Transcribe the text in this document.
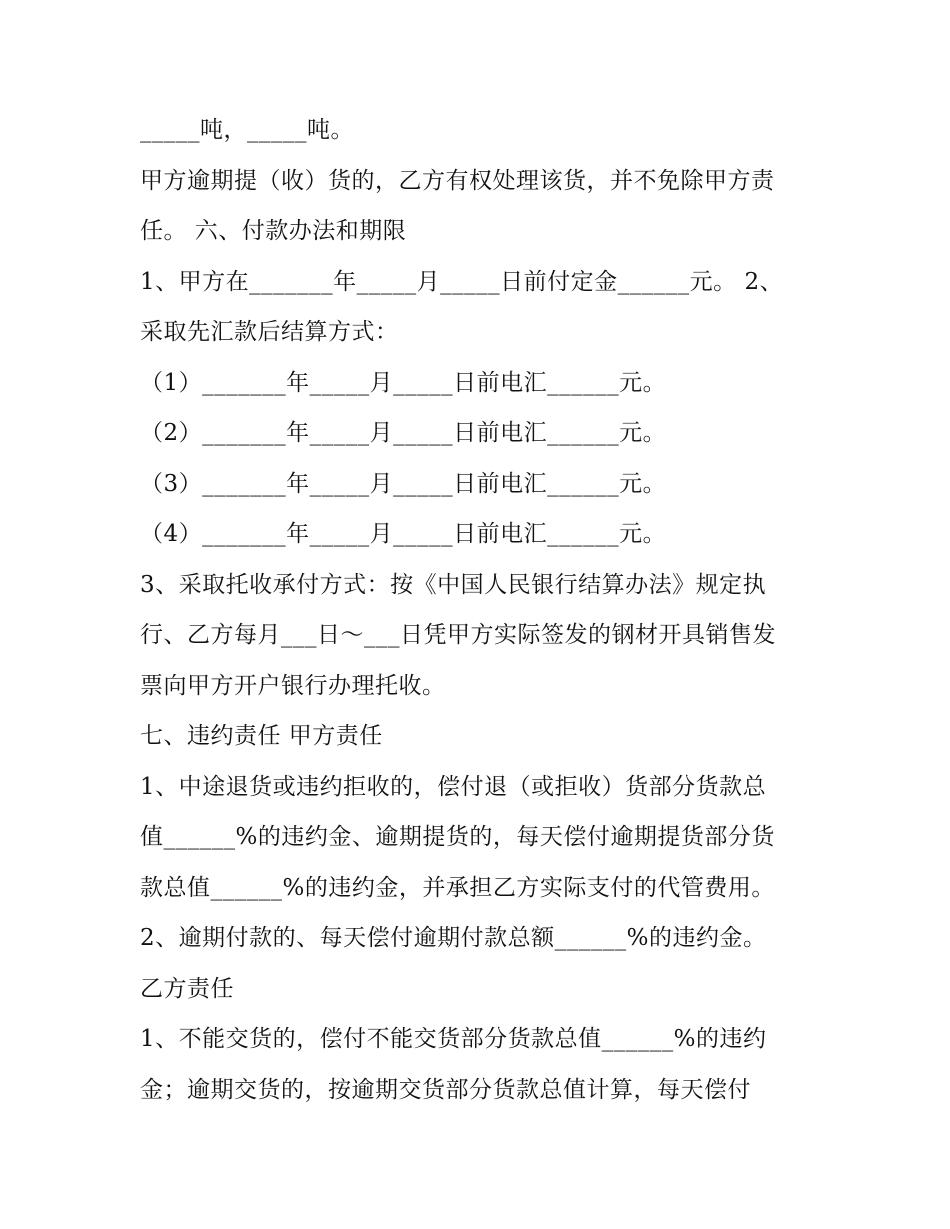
_____吨，_____吨。
甲方逾期提（收）货的，乙方有权处理该货，并不免除甲方责
任。 六、付款办法和期限
1、甲方在_______年_____月_____日前付定金______元。 2、
采取先汇款后结算方式：
（1）_______年_____月_____日前电汇______元。
（2）_______年_____月_____日前电汇______元。
（3）_______年_____月_____日前电汇______元。
（4）_______年_____月_____日前电汇______元。
3、采取托收承付方式：按《中国人民银行结算办法》规定执
行、乙方每月___日～___日凭甲方实际签发的钢材开具销售发
票向甲方开户银行办理托收。
七、违约责任 甲方责任
1、中途退货或违约拒收的，偿付退（或拒收）货部分货款总
值______%的违约金、逾期提货的，每天偿付逾期提货部分货
款总值______%的违约金，并承担乙方实际支付的代管费用。
2、逾期付款的、每天偿付逾期付款总额______%的违约金。
乙方责任
1、不能交货的，偿付不能交货部分货款总值______%的违约
金；逾期交货的，按逾期交货部分货款总值计算，每天偿付
